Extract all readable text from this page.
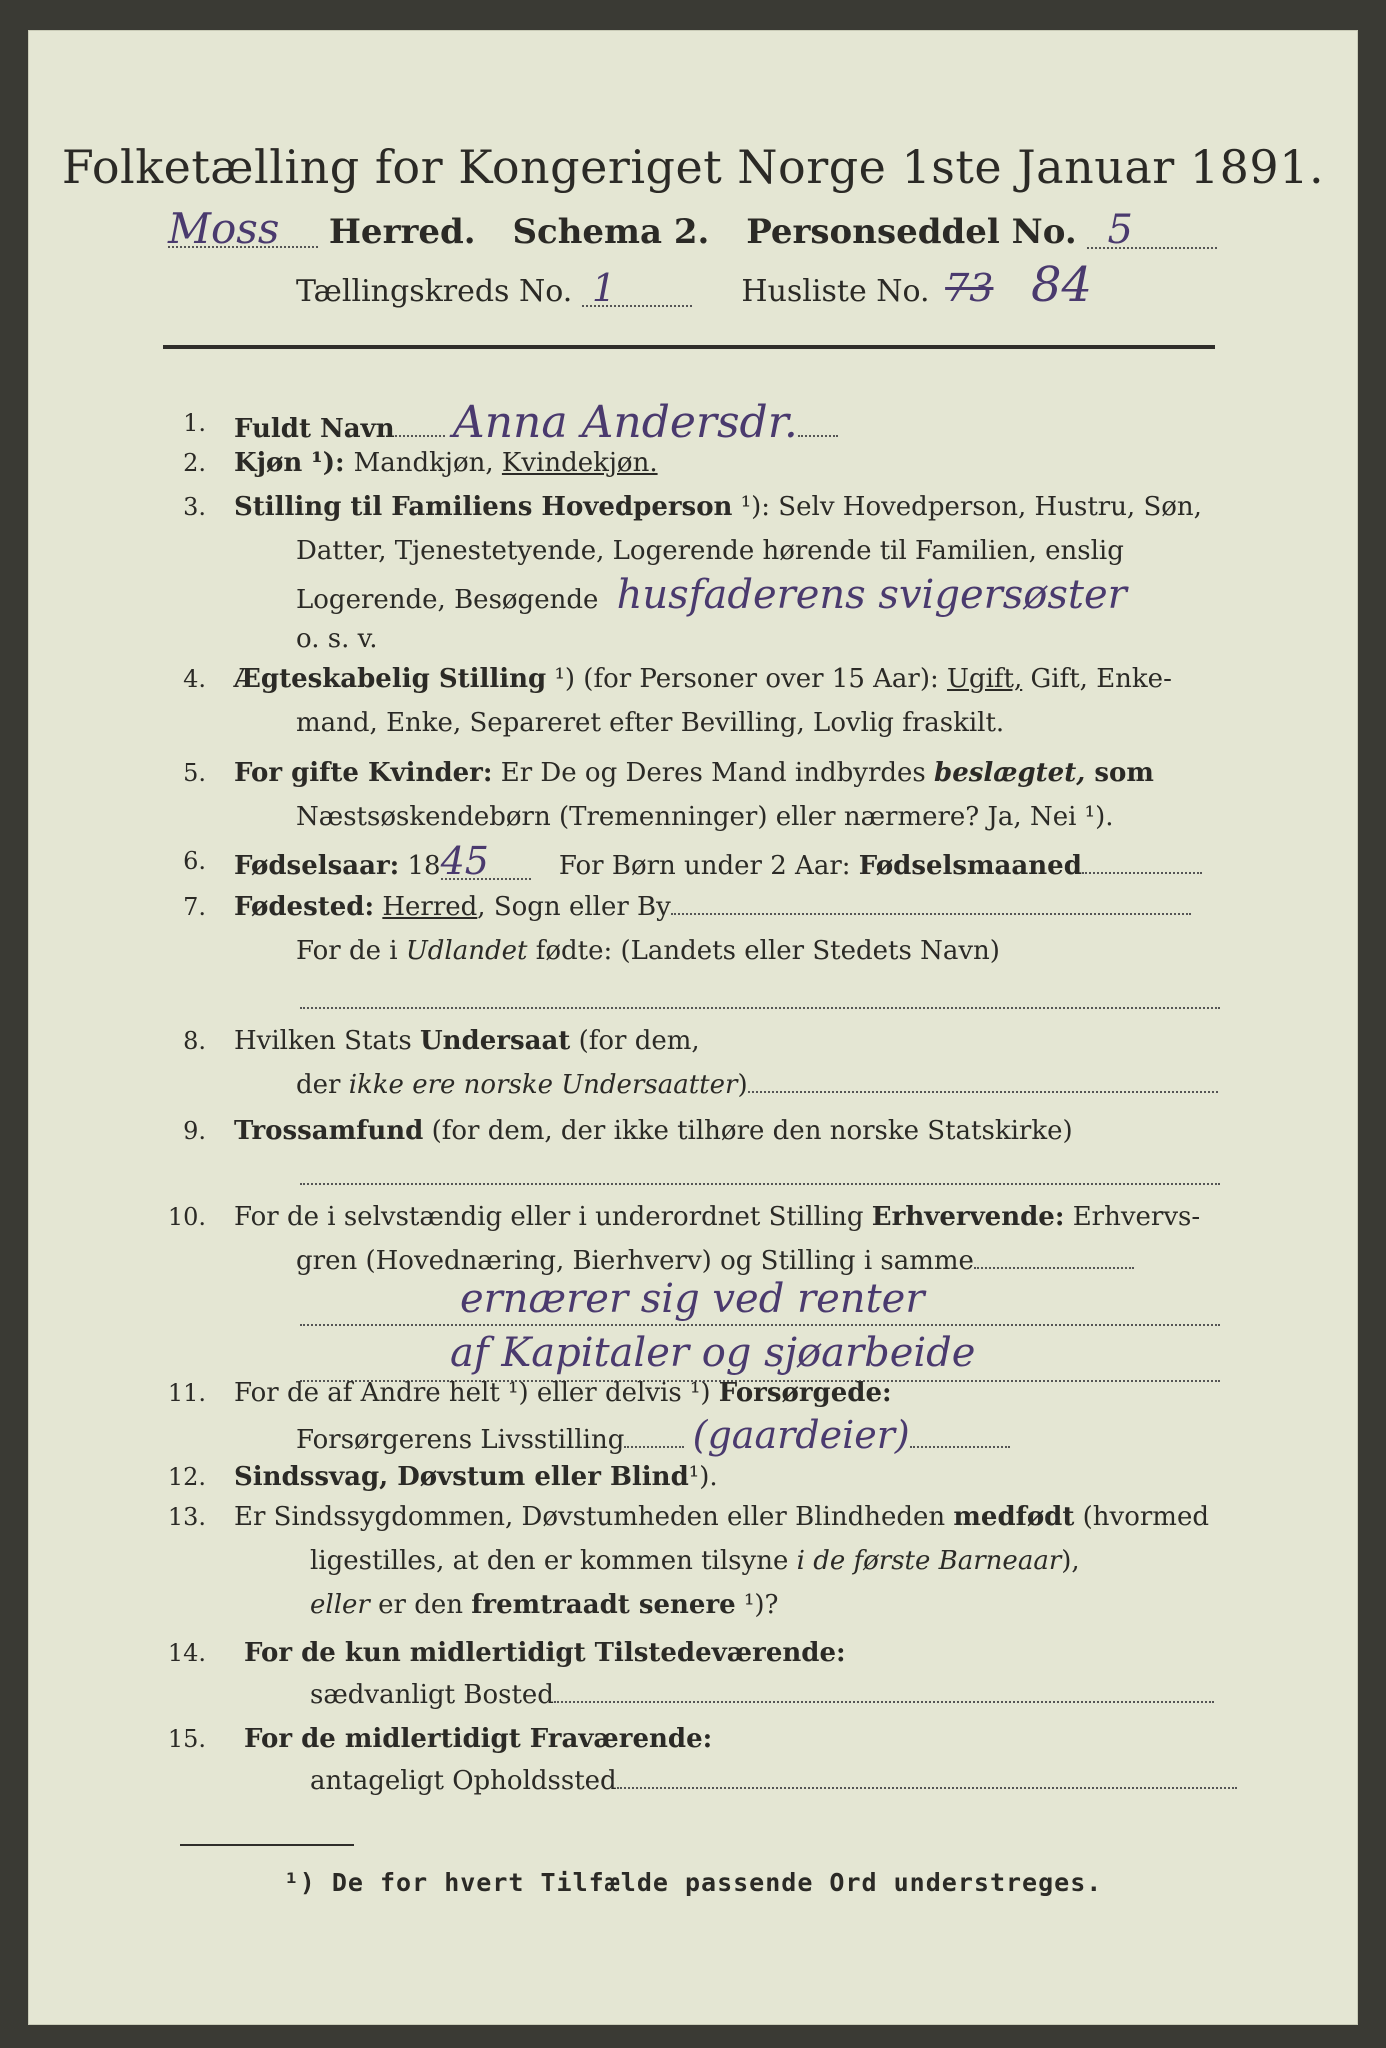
Folketælling for Kongeriget Norge 1ste Januar 1891.
Moss Herred. Schema 2. Personseddel No. 5
Tællingskreds No. 1	Husliste No. 73 84
1. Fuldt Navn Anna Andersdr.
2. Kjøn ¹): Mandkjøn, Kvindekjøn.
3. Stilling til Familiens Hovedperson ¹): Selv Hovedperson, Hustru, Søn,
Datter, Tjenestetyende, Logerende hørende til Familien, enslig
Logerende, Besøgende husfaderens svigersøster
o. s. v.
4. Ægteskabelig Stilling ¹) (for Personer over 15 Aar): Ugift, Gift, Enke-
mand, Enke, Separeret efter Bevilling, Lovlig fraskilt.
5. For gifte Kvinder: Er De og Deres Mand indbyrdes beslægtet, som
Næstsøskendebørn (Tremenninger) eller nærmere? Ja, Nei ¹).
6. Fødselsaar: 1845	For Børn under 2 Aar: Fødselsmaaned
7. Fødested: Herred, Sogn eller By
For de i Udlandet fødte: (Landets eller Stedets Navn)
8. Hvilken Stats Undersaat (for dem,
der ikke ere norske Undersaatter)
9. Trossamfund (for dem, der ikke tilhøre den norske Statskirke)
10. For de i selvstændig eller i underordnet Stilling Erhvervende: Erhvervs-
gren (Hovednæring, Bierhverv) og Stilling i samme
ernærer sig ved renter
af Kapitaler og sjøarbeide
11. For de af Andre helt ¹) eller delvis ¹) Forsørgede:
Forsørgerens Livsstilling (gaardeier)
12. Sindssvag, Døvstum eller Blind¹).
13. Er Sindssygdommen, Døvstumheden eller Blindheden medfødt (hvormed
ligestilles, at den er kommen tilsyne i de første Barneaar),
eller er den fremtraadt senere ¹)?
14. For de kun midlertidigt Tilstedeværende:
sædvanligt Bosted
15. For de midlertidigt Fraværende:
antageligt Opholdssted
¹) De for hvert Tilfælde passende Ord understreges.
